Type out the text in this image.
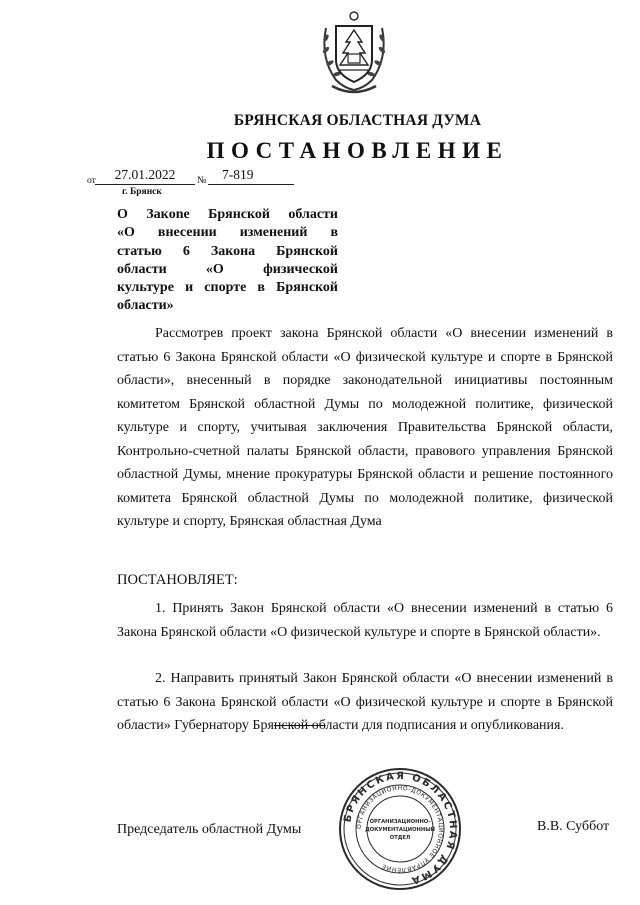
БРЯНСКАЯ ОБЛАСТНАЯ ДУМА
ПОСТАНОВЛЕНИЕ
от	27.01.2022	№	7-819
г. Брянск
О Закone Брянской области
«О внесении изменений в
статью 6 Закона Брянской
области «О физической
культуре и спорте в Брянской
области»
Рассмотрев проект закона Брянской области «О внесении изменений в статью 6 Закона Брянской области «О физической культуре и спорте в Брянской области», внесенный в порядке законодательной инициативы постоянным комитетом Брянской областной Думы по молодежной политике, физической культуре и спорту, учитывая заключения Правительства Брянской области, Контрольно-счетной палаты Брянской области, правового управления Брянской областной Думы, мнение прокуратуры Брянской области и решение постоянного комитета Брянской областной Думы по молодежной политике, физической культуре и спорту, Брянская областная Дума
ПОСТАНОВЛЯЕТ:
1. Принять Закон Брянской области «О внесении изменений в статью 6 Закона Брянской области «О физической культуре и спорте в Брянской области».
2. Направить принятый Закон Брянской области «О внесении изменений в статью 6 Закона Брянской области «О физической культуре и спорте в Брянской области» Губернатору Брянской области для подписания и опубликования.
БРЯНСКАЯ ОБЛАСТНАЯ ДУМА
ОРГАНИЗАЦИОННО-ДОКУМЕНТАЦИОННОЕ УПРАВЛЕНИЕ
ОРГАНИЗАЦИОННО-
ДОКУМЕНТАЦИОННЫЙ
ОТДЕЛ
Председатель областной Думы	В.В. Суббот
